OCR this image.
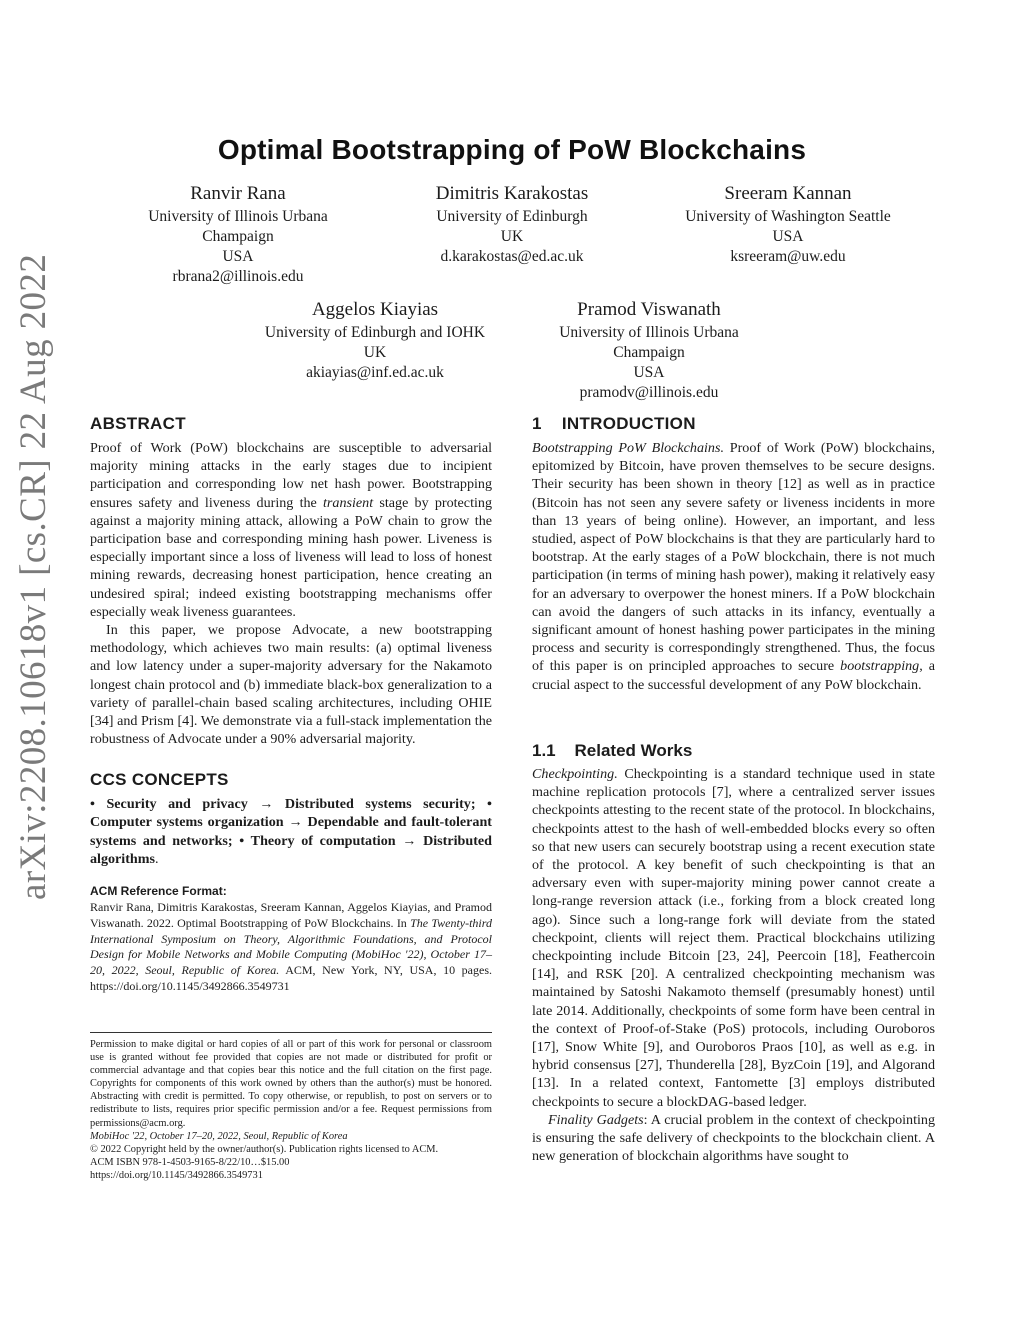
arXiv:2208.10618v1 [cs.CR] 22 Aug 2022
Optimal Bootstrapping of PoW Blockchains
Ranvir Rana
University of Illinois Urbana
Champaign
USA
rbrana2@illinois.edu
Dimitris Karakostas
University of Edinburgh
UK
d.karakostas@ed.ac.uk
Sreeram Kannan
University of Washington Seattle
USA
ksreeram@uw.edu
Aggelos Kiayias
University of Edinburgh and IOHK
UK
akiayias@inf.ed.ac.uk
Pramod Viswanath
University of Illinois Urbana
Champaign
USA
pramodv@illinois.edu
ABSTRACT

Proof of Work (PoW) blockchains are susceptible to adversarial majority mining attacks in the early stages due to incipient participation and corresponding low net hash power. Bootstrapping ensures safety and liveness during the transient stage by protecting against a majority mining attack, allowing a PoW chain to grow the participation base and corresponding mining hash power. Liveness is especially important since a loss of liveness will lead to loss of honest mining rewards, decreasing honest participation, hence creating an undesired spiral; indeed existing bootstrapping mechanisms offer especially weak liveness guarantees.

In this paper, we propose Advocate, a new bootstrapping methodology, which achieves two main results: (a) optimal liveness and low latency under a super-majority adversary for the Nakamoto longest chain protocol and (b) immediate black-box generalization to a variety of parallel-chain based scaling architectures, including OHIE [34] and Prism [4]. We demonstrate via a full-stack implementation the robustness of Advocate under a 90% adversarial majority.

CCS CONCEPTS
• Security and privacy → Distributed systems security; • Computer systems organization → Dependable and fault-tolerant systems and networks; • Theory of computation → Distributed algorithms.
ACM Reference Format:
Ranvir Rana, Dimitris Karakostas, Sreeram Kannan, Aggelos Kiayias, and Pramod Viswanath. 2022. Optimal Bootstrapping of PoW Blockchains. In The Twenty-third International Symposium on Theory, Algorithmic Foundations, and Protocol Design for Mobile Networks and Mobile Computing (MobiHoc '22), October 17–20, 2022, Seoul, Republic of Korea. ACM, New York, NY, USA, 10 pages. https://doi.org/10.1145/3492866.3549731
Permission to make digital or hard copies of all or part of this work for personal or classroom use is granted without fee provided that copies are not made or distributed for profit or commercial advantage and that copies bear this notice and the full citation on the first page. Copyrights for components of this work owned by others than the author(s) must be honored. Abstracting with credit is permitted. To copy otherwise, or republish, to post on servers or to redistribute to lists, requires prior specific permission and/or a fee. Request permissions from permissions@acm.org.
MobiHoc '22, October 17–20, 2022, Seoul, Republic of Korea
© 2022 Copyright held by the owner/author(s). Publication rights licensed to ACM.
ACM ISBN 978-1-4503-9165-8/22/10…$15.00
https://doi.org/10.1145/3492866.3549731
1    INTRODUCTION

Bootstrapping PoW Blockchains. Proof of Work (PoW) blockchains, epitomized by Bitcoin, have proven themselves to be secure designs. Their security has been shown in theory [12] as well as in practice (Bitcoin has not seen any severe safety or liveness incidents in more than 13 years of being online). However, an important, and less studied, aspect of PoW blockchains is that they are particularly hard to bootstrap. At the early stages of a PoW blockchain, there is not much participation (in terms of mining hash power), making it relatively easy for an adversary to overpower the honest miners. If a PoW blockchain can avoid the dangers of such attacks in its infancy, eventually a significant amount of honest hashing power participates in the mining process and security is correspondingly strengthened. Thus, the focus of this paper is on principled approaches to secure bootstrapping, a crucial aspect to the successful development of any PoW blockchain.

1.1    Related Works

Checkpointing. Checkpointing is a standard technique used in state machine replication protocols [7], where a centralized server issues checkpoints attesting to the recent state of the protocol. In blockchains, checkpoints attest to the hash of well-embedded blocks every so often so that new users can securely bootstrap using a recent execution state of the protocol. A key benefit of such checkpointing is that an adversary even with super-majority mining power cannot create a long-range reversion attack (i.e., forking from a block created long ago). Since such a long-range fork will deviate from the stated checkpoint, clients will reject them. Practical blockchains utilizing checkpointing include Bitcoin [23, 24], Peercoin [18], Feathercoin [14], and RSK [20]. A centralized checkpointing mechanism was maintained by Satoshi Nakamoto themself (presumably honest) until late 2014. Additionally, checkpoints of some form have been central in the context of Proof-of-Stake (PoS) protocols, including Ouroboros [17], Snow White [9], and Ouroboros Praos [10], as well as e.g. in hybrid consensus [27], Thunderella [28], ByzCoin [19], and Algorand [13]. In a related context, Fantomette [3] employs distributed checkpoints to secure a blockDAG-based ledger.

Finality Gadgets: A crucial problem in the context of checkpointing is ensuring the safe delivery of checkpoints to the blockchain client. A new generation of blockchain algorithms have sought to
